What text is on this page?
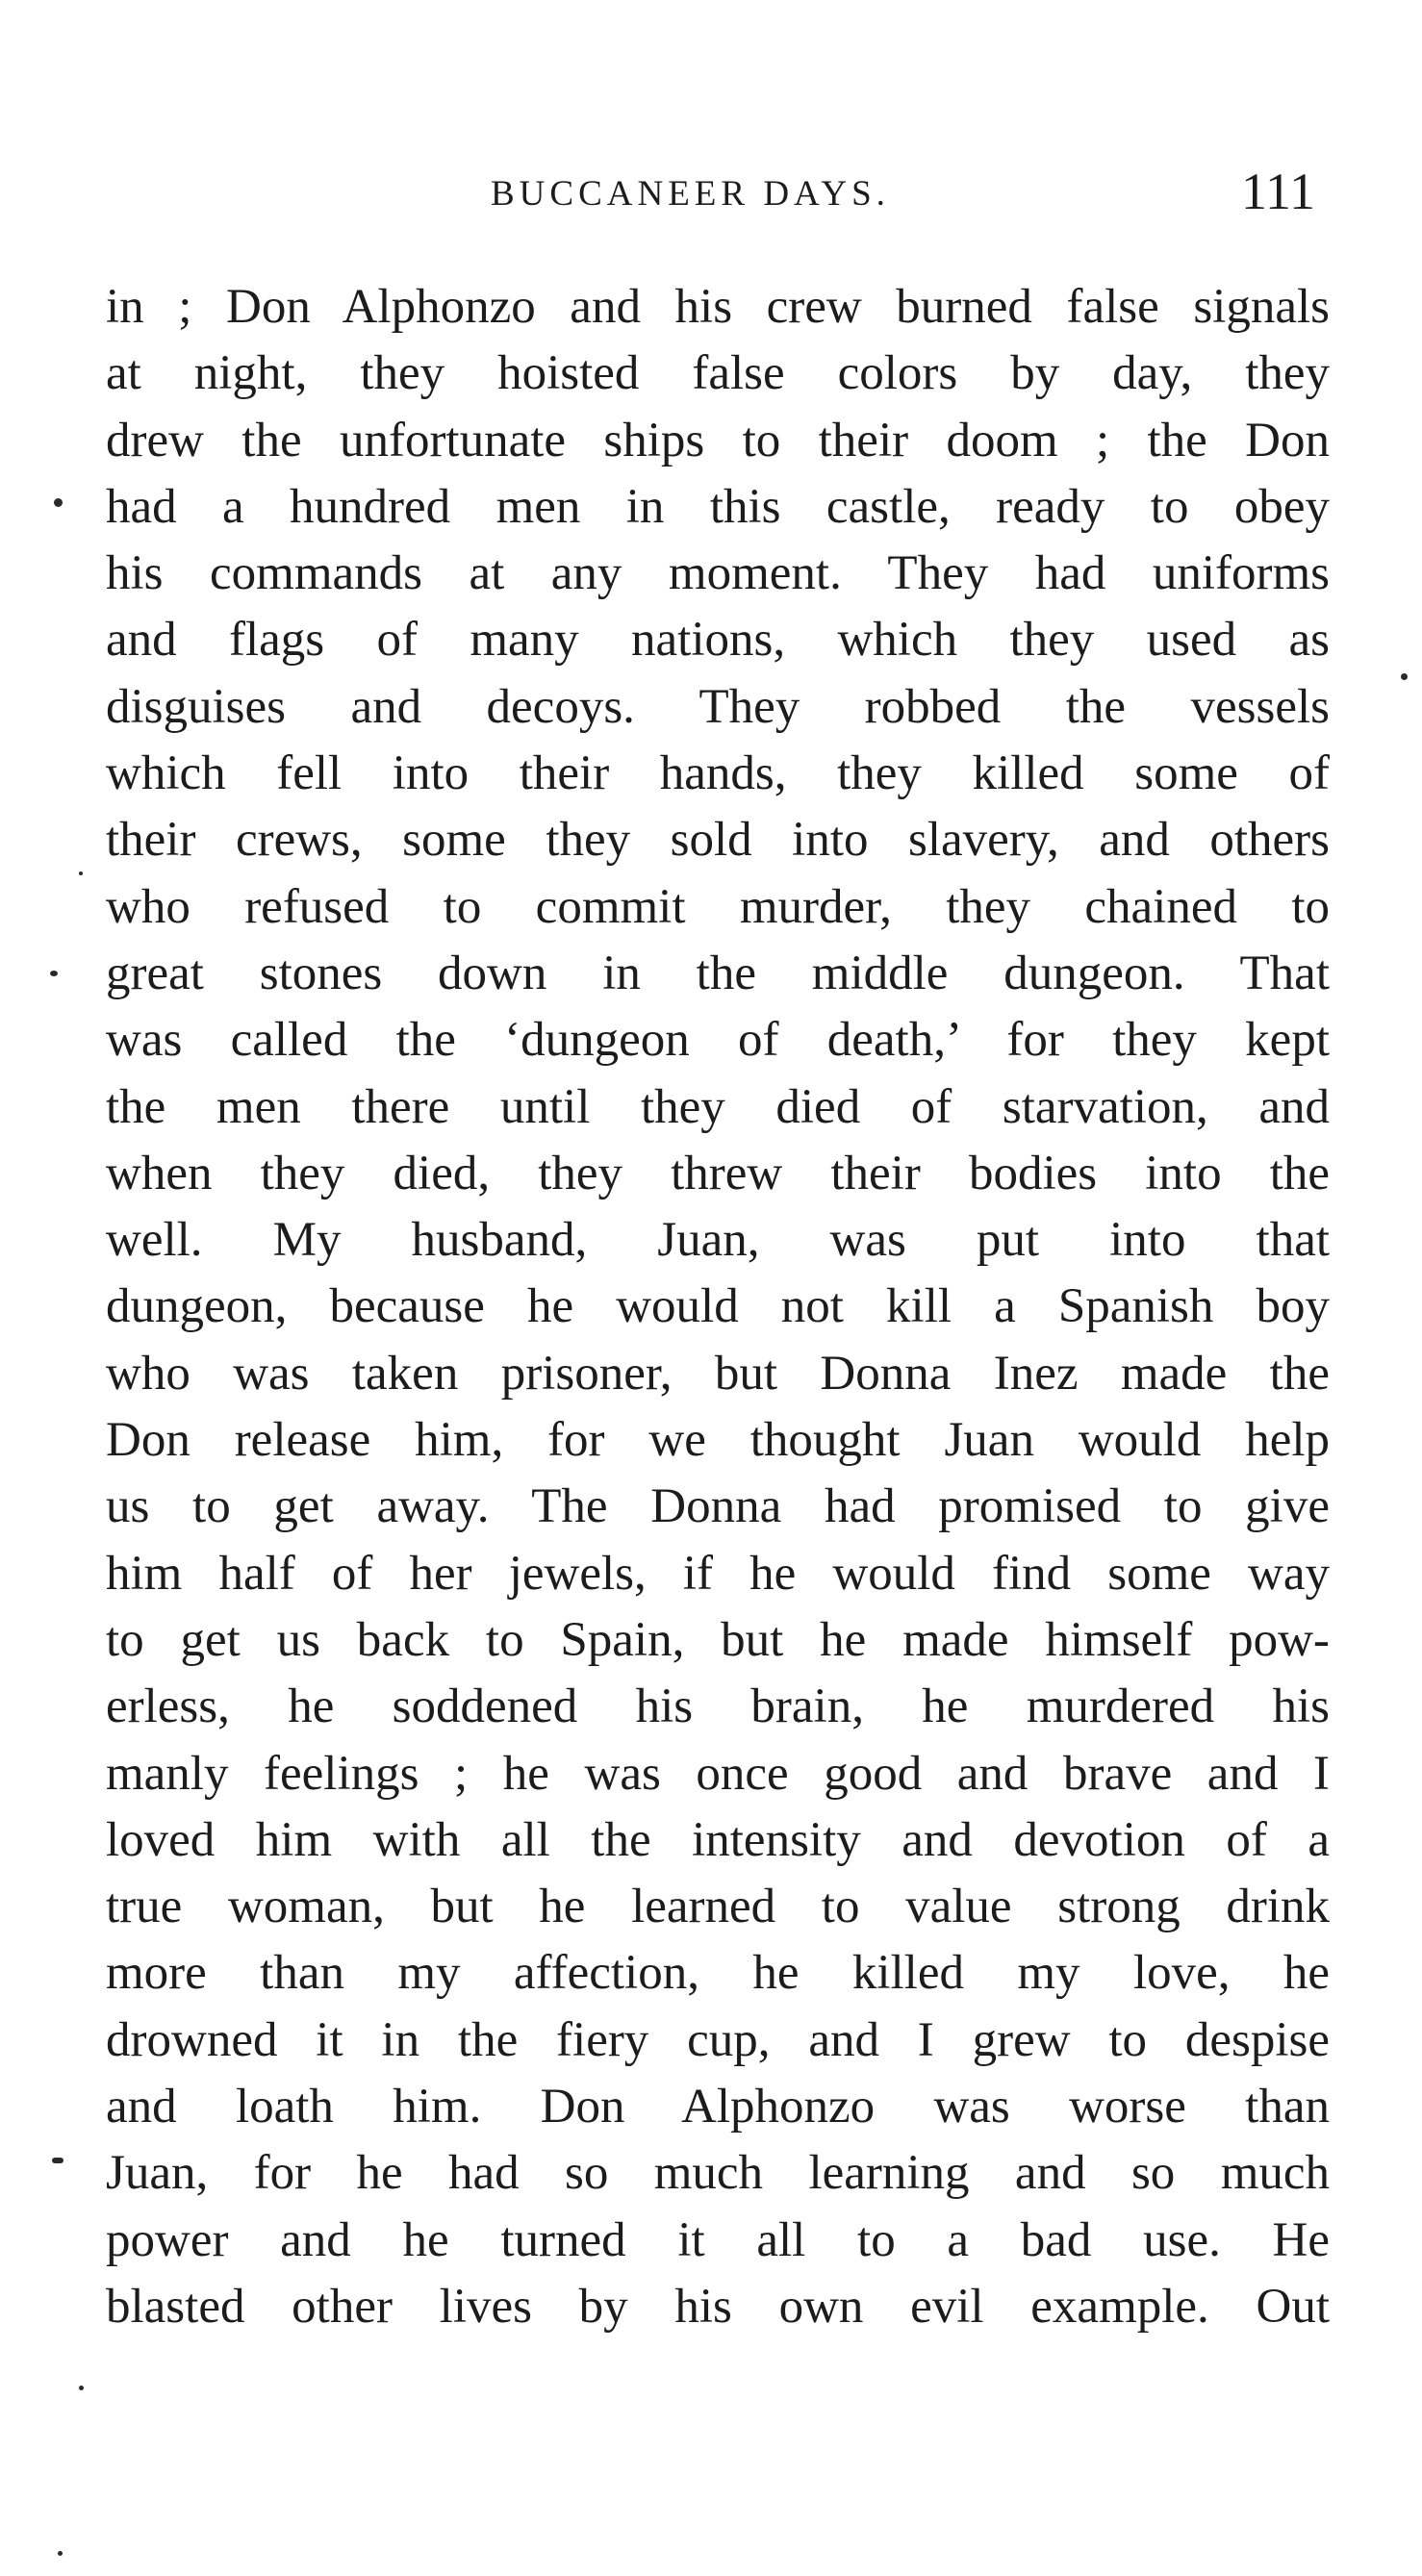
BUCCANEER DAYS.	111
in ; Don Alphonzo and his crew burned false signals
at night, they hoisted false colors by day, they
drew the unfortunate ships to their doom ; the Don
had a hundred men in this castle, ready to obey
his commands at any moment. They had uniforms
and flags of many nations, which they used as
disguises and decoys. They robbed the vessels
which fell into their hands, they killed some of
their crews, some they sold into slavery, and others
who refused to commit murder, they chained to
great stones down in the middle dungeon. That
was called the ‘dungeon of death,’ for they kept
the men there until they died of starvation, and
when they died, they threw their bodies into the
well. My husband, Juan, was put into that
dungeon, because he would not kill a Spanish boy
who was taken prisoner, but Donna Inez made the
Don release him, for we thought Juan would help
us to get away. The Donna had promised to give
him half of her jewels, if he would find some way
to get us back to Spain, but he made himself pow-
erless, he soddened his brain, he murdered his
manly feelings ; he was once good and brave and I
loved him with all the intensity and devotion of a
true woman, but he learned to value strong drink
more than my affection, he killed my love, he
drowned it in the fiery cup, and I grew to despise
and loath him. Don Alphonzo was worse than
Juan, for he had so much learning and so much
power and he turned it all to a bad use. He
blasted other lives by his own evil example. Out
